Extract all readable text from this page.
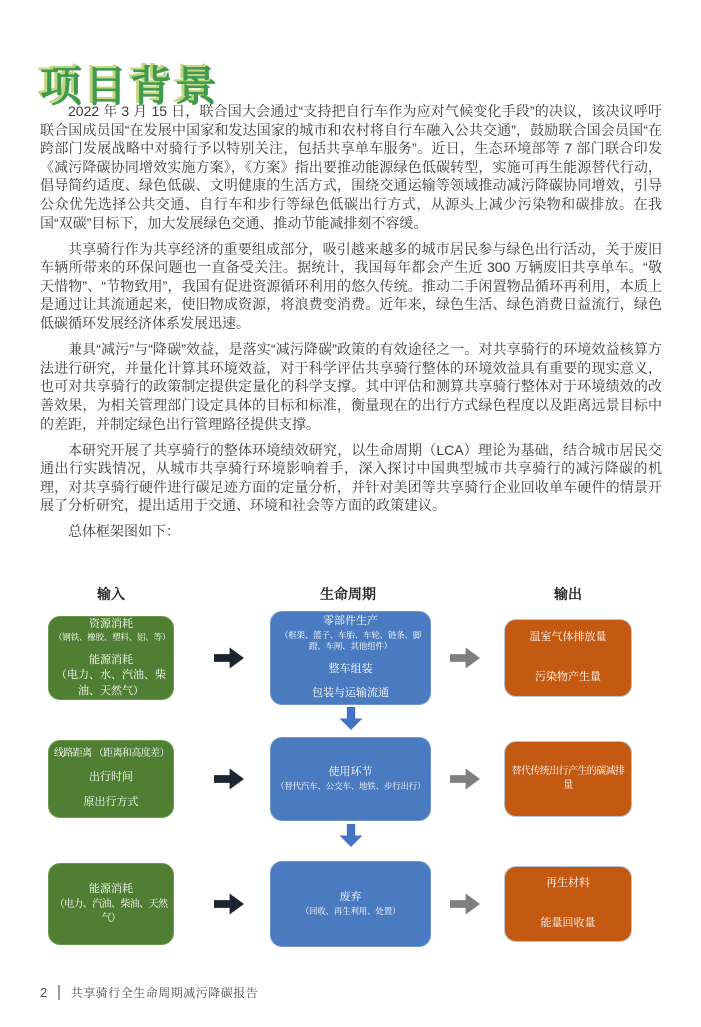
项目背景

2022 年 3 月 15 日，联合国大会通过“支持把自行车作为应对气候变化手段”的决议，该决议呼吁联合国成员国“在发展中国家和发达国家的城市和农村将自行车融入公共交通”，鼓励联合国会员国“在跨部门发展战略中对骑行予以特别关注，包括共享单车服务”。近日，生态环境部等 7 部门联合印发《减污降碳协同增效实施方案》，《方案》指出要推动能源绿色低碳转型，实施可再生能源替代行动，倡导简约适度、绿色低碳、文明健康的生活方式，围绕交通运输等领域推动减污降碳协同增效，引导公众优先选择公共交通、自行车和步行等绿色低碳出行方式，从源头上减少污染物和碳排放。在我国“双碳”目标下，加大发展绿色交通、推动节能减排刻不容缓。

共享骑行作为共享经济的重要组成部分，吸引越来越多的城市居民参与绿色出行活动，关于废旧车辆所带来的环保问题也一直备受关注。据统计，我国每年都会产生近 300 万辆废旧共享单车。“敬天惜物”、“节物致用”，我国有促进资源循环利用的悠久传统。推动二手闲置物品循环再利用，本质上是通过让其流通起来，使旧物成资源，将浪费变消费。近年来，绿色生活、绿色消费日益流行，绿色低碳循环发展经济体系发展迅速。

兼具“减污”与“降碳”效益，是落实“减污降碳”政策的有效途径之一。对共享骑行的环境效益核算方法进行研究，并量化计算其环境效益，对于科学评估共享骑行整体的环境效益具有重要的现实意义，也可对共享骑行的政策制定提供定量化的科学支撑。其中评估和测算共享骑行整体对于环境绩效的改善效果，为相关管理部门设定具体的目标和标准，衡量现在的出行方式绿色程度以及距离远景目标中的差距，并制定绿色出行管理路径提供支撑。

本研究开展了共享骑行的整体环境绩效研究，以生命周期（LCA）理论为基础，结合城市居民交通出行实践情况，从城市共享骑行环境影响着手，深入探讨中国典型城市共享骑行的减污降碳的机理，对共享骑行硬件进行碳足迹方面的定量分析，并针对美团等共享骑行企业回收单车硬件的情景开展了分析研究，提出适用于交通、环境和社会等方面的政策建议。

总体框架图如下：

输入	生命周期	输出
资源消耗
（钢铁、橡胶、塑料、铝、等）
能源消耗
（电力、水、汽油、柴油、天然气）
零部件生产
（框架、篮子、车胎、车轮、链条、脚蹬、车闸、其他组件）
整车组装
包装与运输流通
温室气体排放量
污染物产生量
线路距离 （距离和高度差）
出行时间
原出行方式
使用环节
（替代汽车、公交车、地铁、步行出行）
替代传统出行产生的碳减排量
能源消耗
（电力、汽油、柴油、天然气）
废弃
（回收、再生利用、处置）
再生材料
能量回收量
2 共享骑行全生命周期减污降碳报告
